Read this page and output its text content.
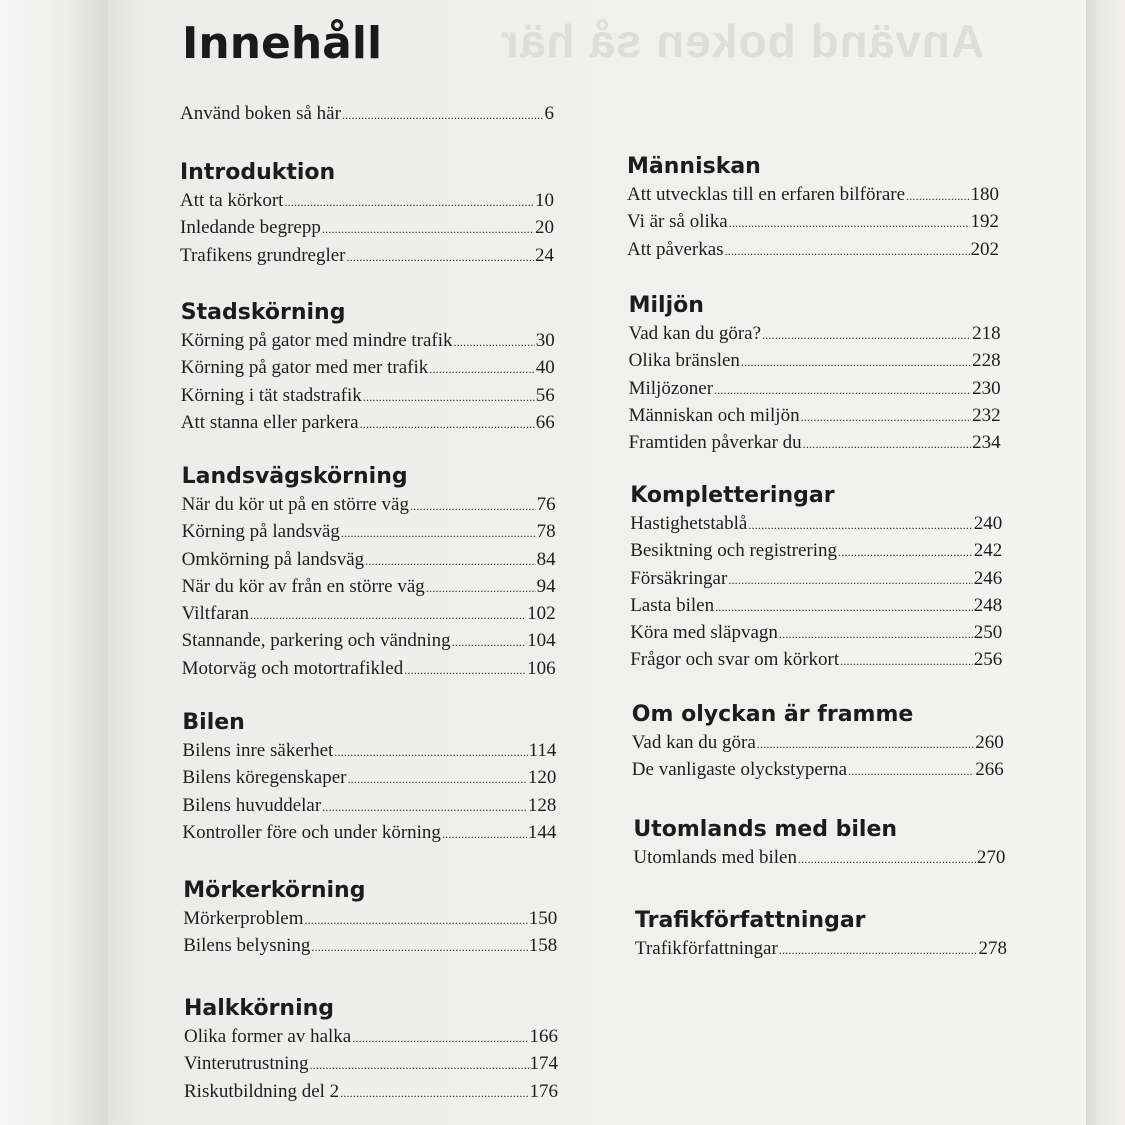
Använd boken så här
Innehåll
Använd boken så här . . .	6
Introduktion
Att ta körkort . . .	10
Inledande begrepp . . .	20
Trafikens grundregler . . .	24
Stadskörning
Körning på gator med mindre trafik . . .	30
Körning på gator med mer trafik . . .	40
Körning i tät stadstrafik . . .	56
Att stanna eller parkera . . .	66
Landsvägskörning
När du kör ut på en större väg . . .	76
Körning på landsväg . . .	78
Omkörning på landsväg . . .	84
När du kör av från en större väg . . .	94
Viltfaran . . .	102
Stannande, parkering och vändning . . .	104
Motorväg och motortrafikled . . .	106
Bilen
Bilens inre säkerhet . . .	114
Bilens köregenskaper . . .	120
Bilens huvuddelar . . .	128
Kontroller före och under körning . . .	144
Mörkerkörning
Mörkerproblem . . .	150
Bilens belysning . . .	158
Halkkörning
Olika former av halka . . .	166
Vinterutrustning . . .	174
Riskutbildning del 2 . . .	176
Människan
Att utvecklas till en erfaren bilförare . . .	180
Vi är så olika . . .	192
Att påverkas . . .	202
Miljön
Vad kan du göra? . . .	218
Olika bränslen . . .	228
Miljözoner . . .	230
Människan och miljön . . .	232
Framtiden påverkar du . . .	234
Kompletteringar
Hastighetstablå . . .	240
Besiktning och registrering . . .	242
Försäkringar . . .	246
Lasta bilen . . .	248
Köra med släpvagn . . .	250
Frågor och svar om körkort . . .	256
Om olyckan är framme
Vad kan du göra . . .	260
De vanligaste olyckstyperna . . .	266
Utomlands med bilen
Utomlands med bilen . . .	270
Trafikförfattningar
Trafikförfattningar . . .	278
